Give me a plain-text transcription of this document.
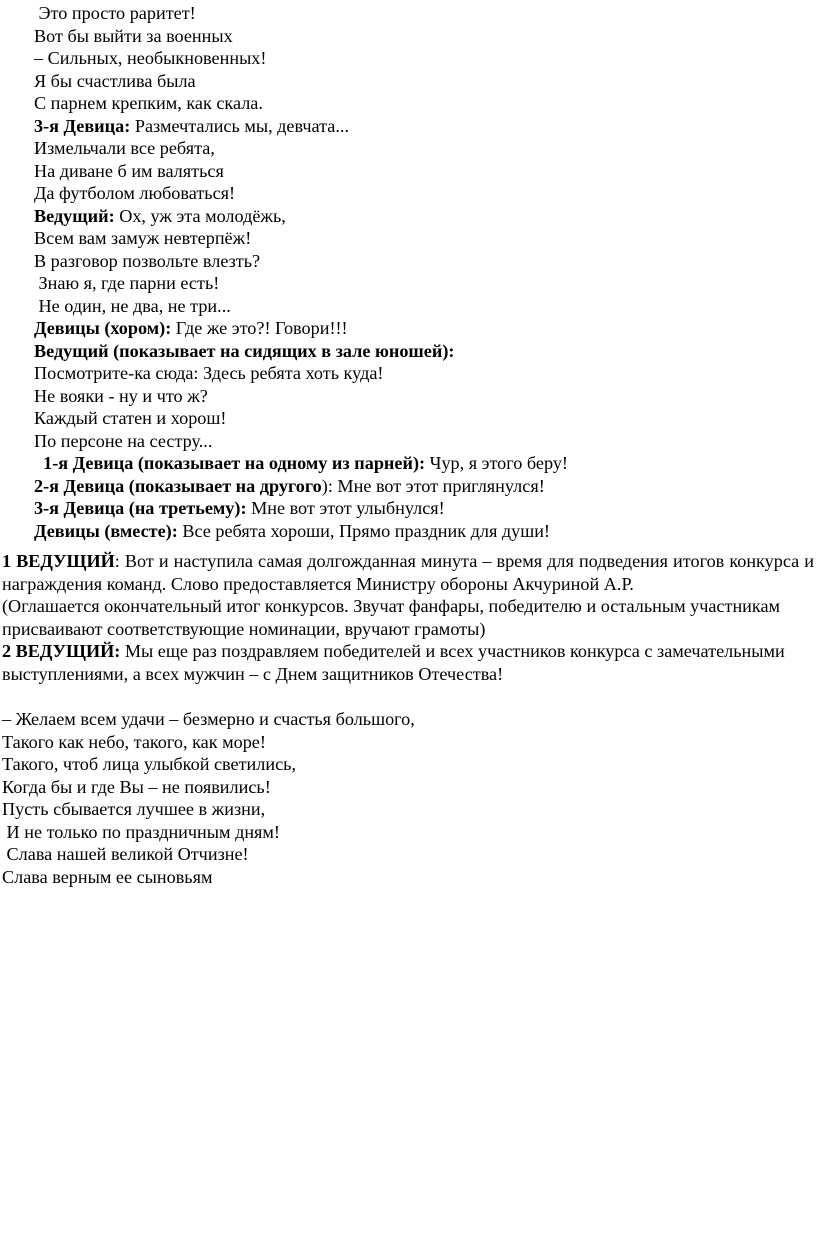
Это просто раритет!
Вот бы выйти за военных
– Сильных, необыкновенных!
Я бы счастлива была
С парнем крепким, как скала.
3-я Девица: Размечтались мы, девчата...
Измельчали все ребята,
На диване б им валяться
Да футболом любоваться!
Ведущий: Ох, уж эта молодёжь,
Всем вам замуж невтерпёж!
В разговор позвольте влезть?
Знаю я, где парни есть!
Не один, не два, не три...
Девицы (хором): Где же это?! Говори!!!
Ведущий (показывает на сидящих в зале юношей):
Посмотрите-ка сюда: Здесь ребята хоть куда!
Не вояки - ну и что ж?
Каждый статен и хорош!
По персоне на сестру...
1-я Девица (показывает на одному из парней): Чур, я этого беру!
2-я Девица (показывает на другого): Мне вот этот приглянулся!
3-я Девица (на третьему): Мне вот этот улыбнулся!
Девицы (вместе): Все ребята хороши, Прямо праздник для души!

1 ВЕДУЩИЙ: Вот и наступила самая долгожданная минута – время для подведения итогов конкурса и награждения команд. Слово предоставляется Министру обороны Акчуриной А.Р.

(Оглашается окончательный итог конкурсов. Звучат фанфары, победителю и остальным участникам присваивают соответствующие номинации, вручают грамоты)

2 ВЕДУЩИЙ: Мы еще раз поздравляем победителей и всех участников конкурса с замечательными выступлениями, а всех мужчин – с Днем защитников Отечества!

– Желаем всем удачи – безмерно и счастья большого,
Такого как небо, такого, как море!
Такого, чтоб лица улыбкой светились,
Когда бы и где Вы – не появились!
Пусть сбывается лучшее в жизни,
И не только по праздничным дням!
Слава нашей великой Отчизне!
Слава верным ее сыновьям
